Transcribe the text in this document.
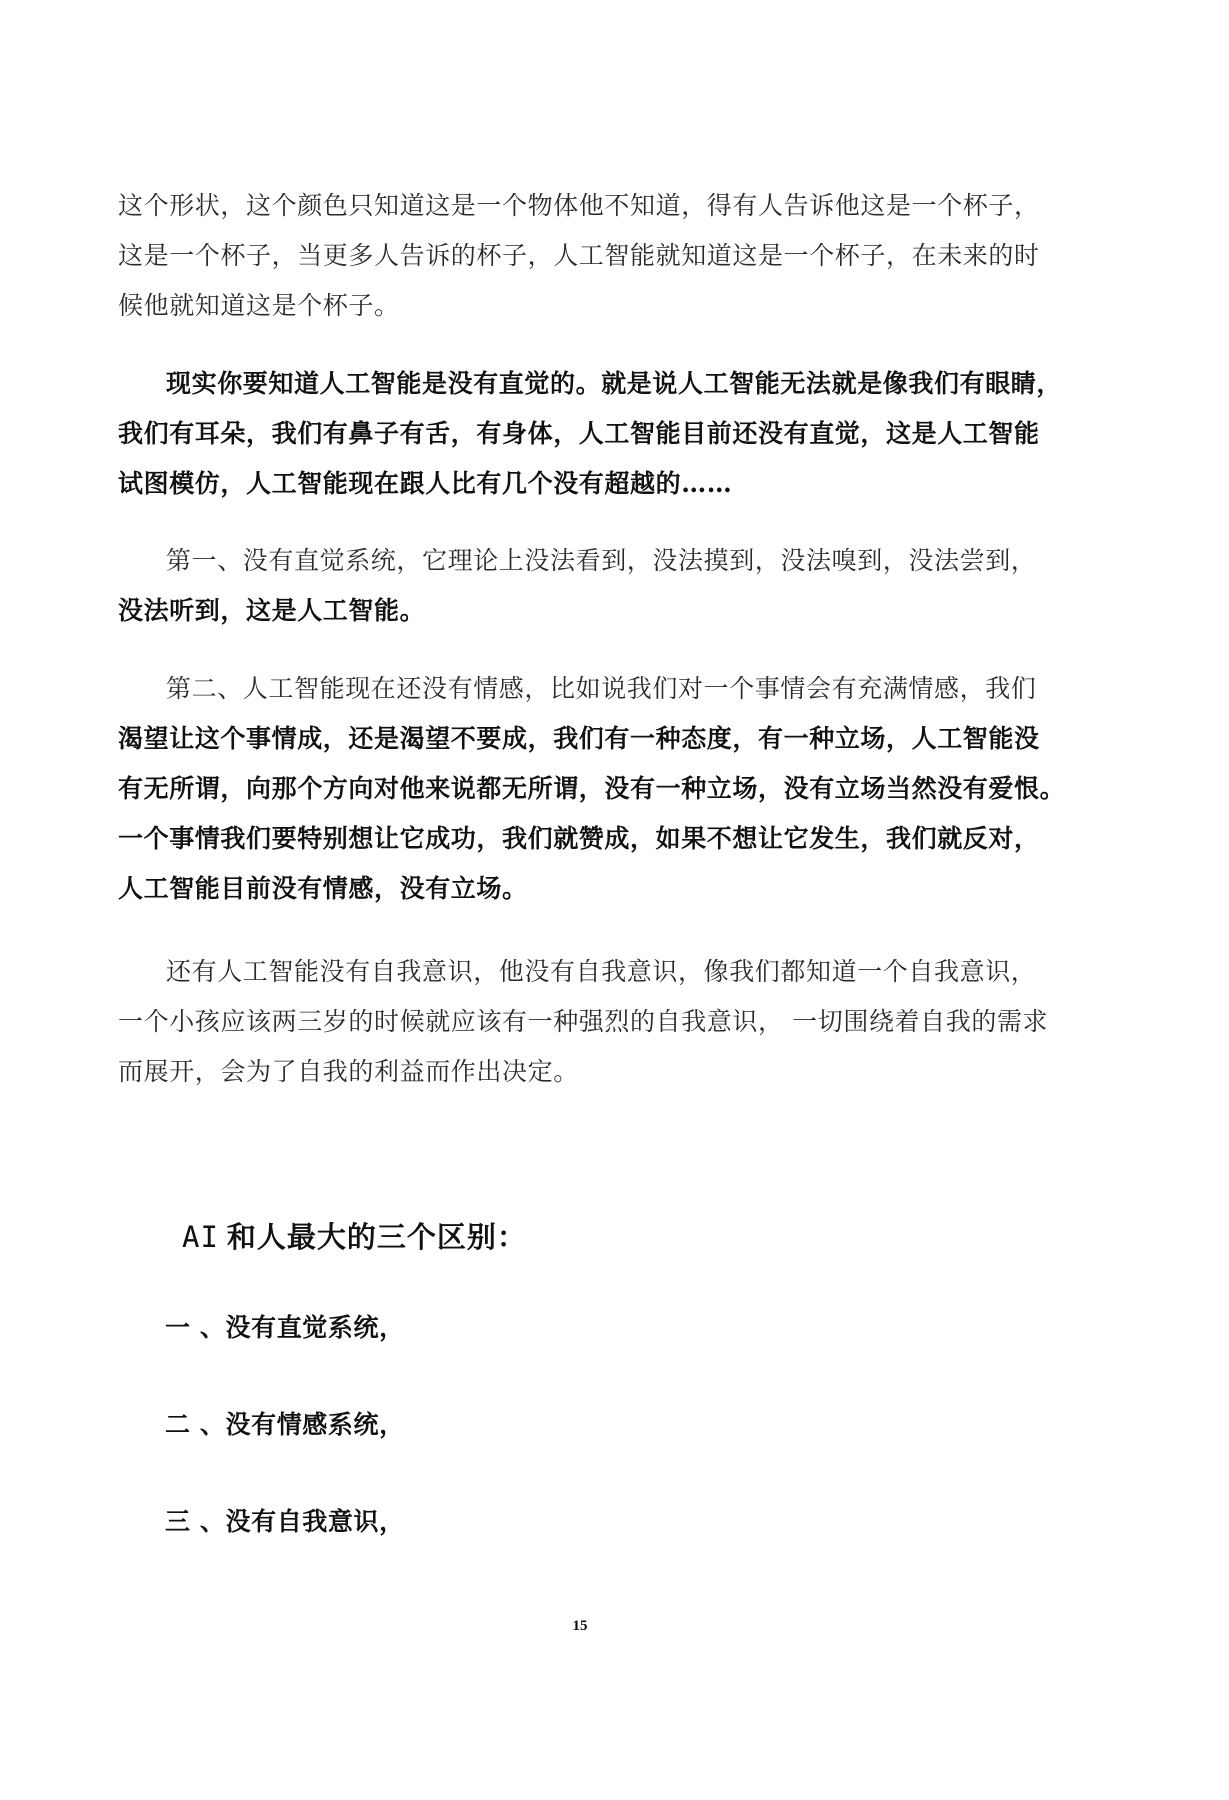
这个形状，这个颜色只知道这是一个物体他不知道，得有人告诉他这是一个杯子，
这是一个杯子，当更多人告诉的杯子，人工智能就知道这是一个杯子，在未来的时
候他就知道这是个杯子。
现实你要知道人工智能是没有直觉的。就是说人工智能无法就是像我们有眼睛，
我们有耳朵，我们有鼻子有舌，有身体，人工智能目前还没有直觉，这是人工智能
试图模仿，人工智能现在跟人比有几个没有超越的……
第一、没有直觉系统，它理论上没法看到，没法摸到，没法嗅到，没法尝到，
没法听到，这是人工智能。
第二、人工智能现在还没有情感，比如说我们对一个事情会有充满情感，我们
渴望让这个事情成，还是渴望不要成，我们有一种态度，有一种立场，人工智能没
有无所谓，向那个方向对他来说都无所谓，没有一种立场，没有立场当然没有爱恨。
一个事情我们要特别想让它成功，我们就赞成，如果不想让它发生，我们就反对，
人工智能目前没有情感，没有立场。
还有人工智能没有自我意识，他没有自我意识，像我们都知道一个自我意识，
一个小孩应该两三岁的时候就应该有一种强烈的自我意识， 一切围绕着自我的需求
而展开，会为了自我的利益而作出决定。
AI 和人最大的三个区别：
一 、没有直觉系统，
二 、没有情感系统，
三 、没有自我意识，
15
